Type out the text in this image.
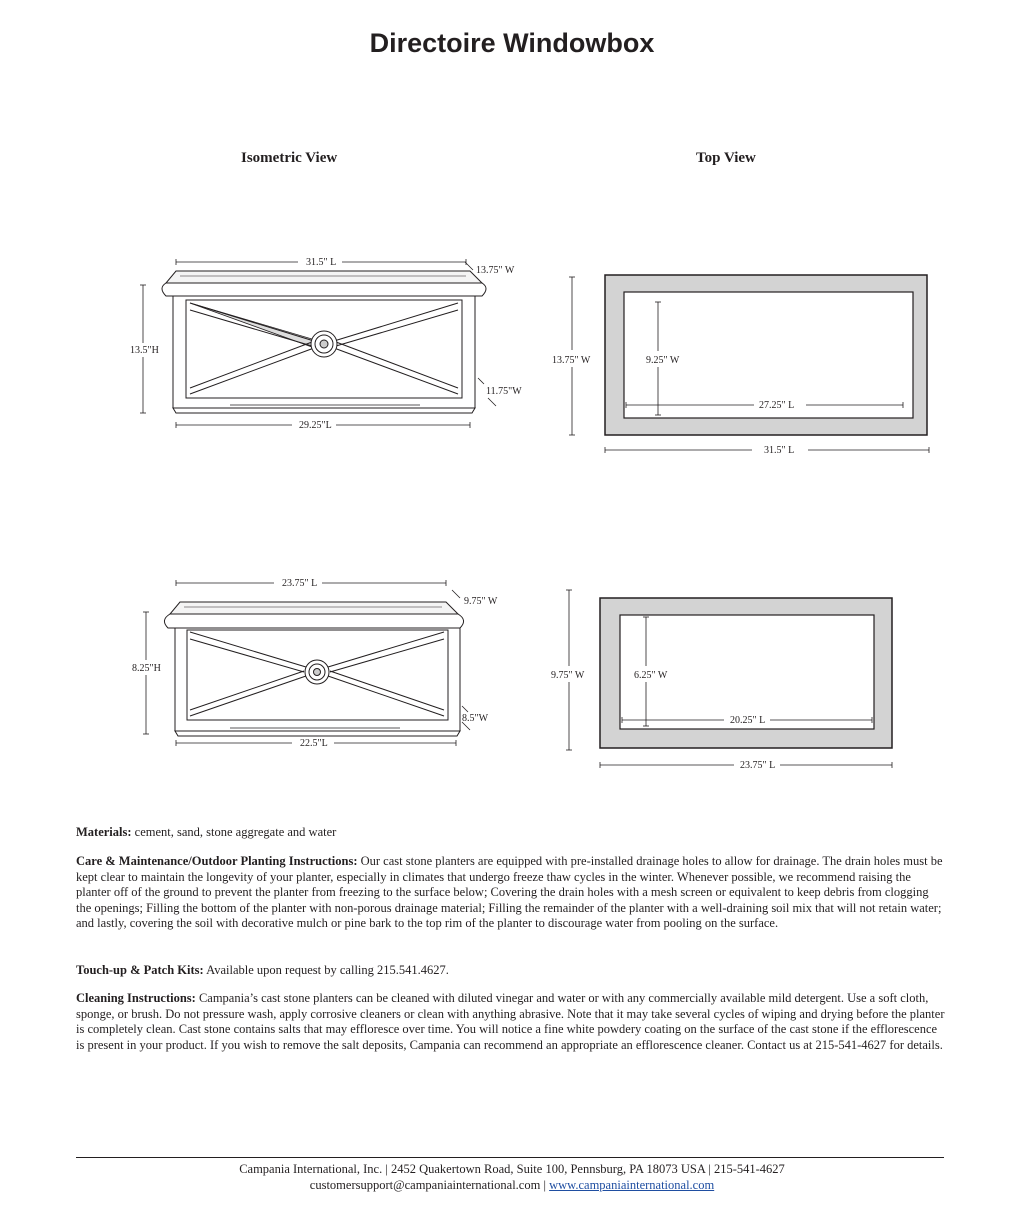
Directoire Windowbox
Isometric View	Top View
31.5" L
13.75" W
13.5"H
11.75"W
29.25"L
13.75" W	9.25" W
27.25" L
31.5" L
23.75" L
9.75" W
8.25"H
8.5"W
22.5"L
9.75" W	6.25" W
20.25" L
23.75" L
Materials: cement, sand, stone aggregate and water
Care & Maintenance/Outdoor Planting Instructions: Our cast stone planters are equipped with pre-installed drainage holes to allow for drainage. The drain holes must be kept clear to maintain the longevity of your planter, especially in climates that undergo freeze thaw cycles in the winter. Whenever possible, we recommend raising the planter off of the ground to prevent the planter from freezing to the surface below; Covering the drain holes with a mesh screen or equivalent to keep debris from clogging the openings; Filling the bottom of the planter with non-porous drainage material; Filling the remainder of the planter with a well-draining soil mix that will not retain water; and lastly, covering the soil with decorative mulch or pine bark to the top rim of the planter to discourage water from pooling on the surface.
Touch-up & Patch Kits: Available upon request by calling 215.541.4627.
Cleaning Instructions: Campania’s cast stone planters can be cleaned with diluted vinegar and water or with any commercially available mild detergent. Use a soft cloth, sponge, or brush. Do not pressure wash, apply corrosive cleaners or clean with anything abrasive. Note that it may take several cycles of wiping and drying before the planter is completely clean. Cast stone contains salts that may effloresce over time. You will notice a fine white powdery coating on the surface of the cast stone if the efflorescence is present in your product. If you wish to remove the salt deposits, Campania can recommend an appropriate an efflorescence cleaner. Contact us at 215-541-4627 for details.
Campania International, Inc. | 2452 Quakertown Road, Suite 100, Pennsburg, PA 18073 USA | 215-541-4627
customersupport@campaniainternational.com | www.campaniainternational.com
